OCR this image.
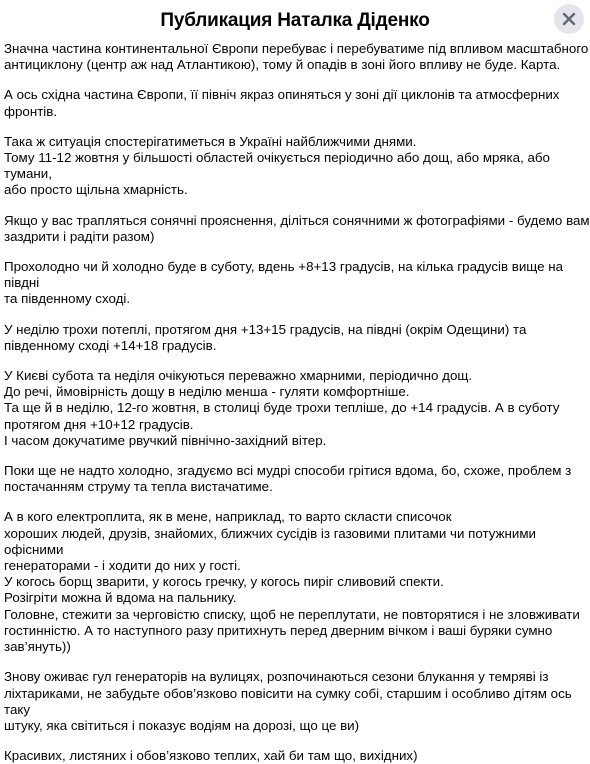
Публикация Наталка Діденко

Значна частина континентальної Європи перебуває і перебуватиме під впливом масштабного
антициклону (центр аж над Атлантикою), тому й опадів в зоні його впливу не буде. Карта.

А ось східна частина Європи, її північ якраз опиняться у зоні дії циклонів та атмосферних
фронтів.

Така ж ситуація спостерігатиметься в Україні найближчими днями.
Тому 11-12 жовтня у більшості областей очікується періодично або дощ, або мряка, або тумани,
або просто щільна хмарність.

Якщо у вас трапляться сонячні прояснення, діліться сонячними ж фотографіями - будемо вам
заздрити і радіти разом)

Прохолодно чи й холодно буде в суботу, вдень +8+13 градусів, на кілька градусів вище на півдні
та південному сході.

У неділю трохи потеплі, протягом дня +13+15 градусів, на півдні (окрім Одещини) та
південному сході +14+18 градусів.

У Києві субота та неділя очікуються переважно хмарними, періодично дощ.
До речі, ймовірність дощу в неділю менша - гуляти комфортніше.
Та ще й в неділю, 12-го жовтня, в столиці буде трохи тепліше, до +14 градусів. А в суботу
протягом дня +10+12 градусів.
І часом докучатиме рвучкий північно-західний вітер.

Поки ще не надто холодно, згадуємо всі мудрі способи грітися вдома, бо, схоже, проблем з
постачанням струму та тепла вистачатиме.

А в кого електроплита, як в мене, наприклад, то варто скласти списочок
хороших людей, друзів, знайомих, ближчих сусідів із газовими плитами чи потужними офісними
генераторами - і ходити до них у гості.
У когось борщ зварити, у когось гречку, у когось пиріг сливовий спекти.
Розігріти можна й вдома на пальнику.
Головне, стежити за черговістю списку, щоб не переплутати, не повторятися і не зловживати
гостинністю. А то наступного разу притихнуть перед дверним вічком і ваші буряки сумно
зав’януть))

Знову оживає гул генераторів на вулицях, розпочинаються сезони блукання у темряві із
ліхтариками, не забудьте обов’язково повісити на сумку собі, старшим і особливо дітям ось таку
штуку, яка світиться і показує водіям на дорозі, що це ви)

Красивих, листяних і обов’язково теплих, хай би там що, вихідних)
